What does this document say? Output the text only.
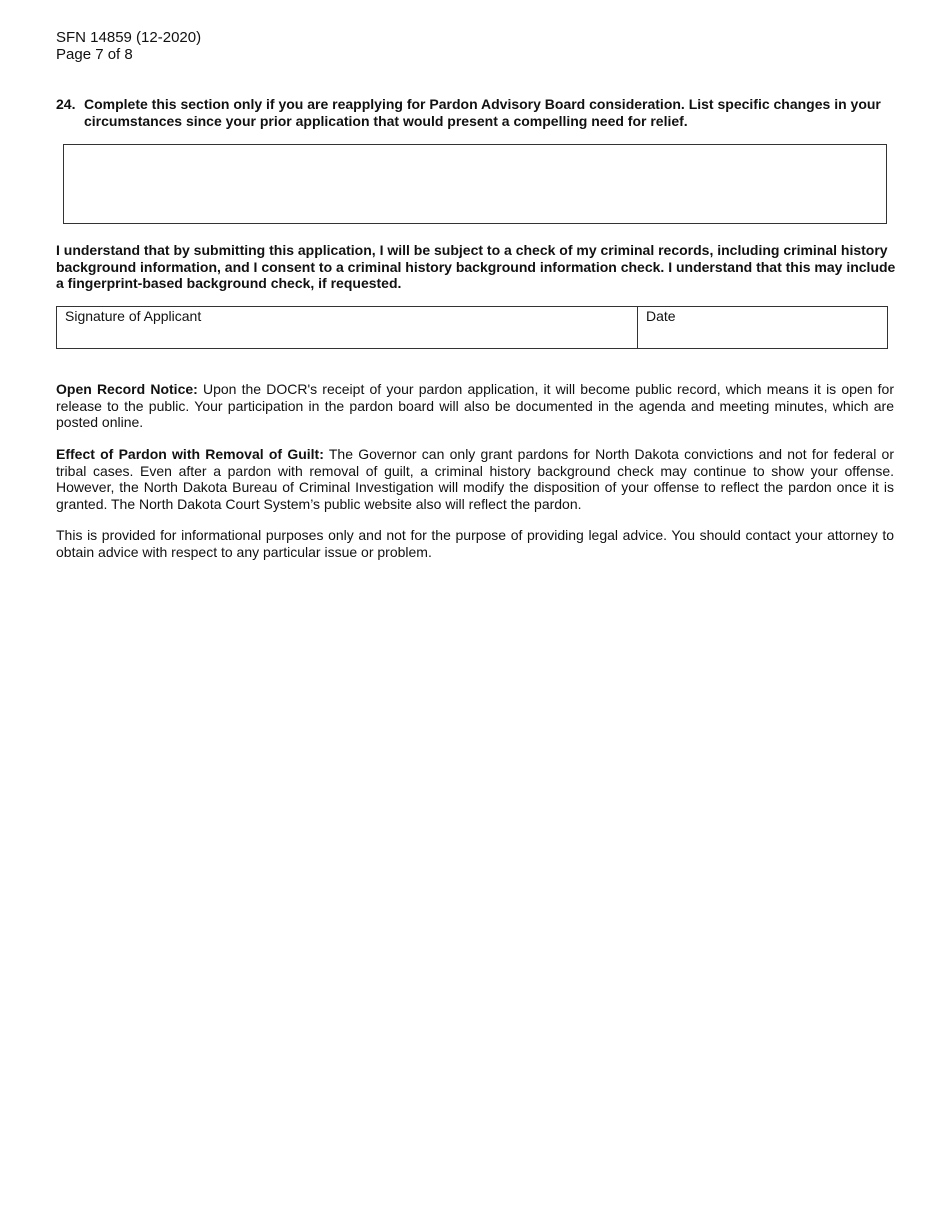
SFN 14859 (12-2020)
Page 7 of 8
24. Complete this section only if you are reapplying for Pardon Advisory Board consideration. List specific changes in your circumstances since your prior application that would present a compelling need for relief.
I understand that by submitting this application, I will be subject to a check of my criminal records, including criminal history background information, and I consent to a criminal history background information check. I understand that this may include a fingerprint-based background check, if requested.
Signature of Applicant	Date
Open Record Notice: Upon the DOCR's receipt of your pardon application, it will become public record, which means it is open for release to the public. Your participation in the pardon board will also be documented in the agenda and meeting minutes, which are posted online.
Effect of Pardon with Removal of Guilt: The Governor can only grant pardons for North Dakota convictions and not for federal or tribal cases. Even after a pardon with removal of guilt, a criminal history background check may continue to show your offense. However, the North Dakota Bureau of Criminal Investigation will modify the disposition of your offense to reflect the pardon once it is granted. The North Dakota Court System’s public website also will reflect the pardon.
This is provided for informational purposes only and not for the purpose of providing legal advice. You should contact your attorney to obtain advice with respect to any particular issue or problem.
